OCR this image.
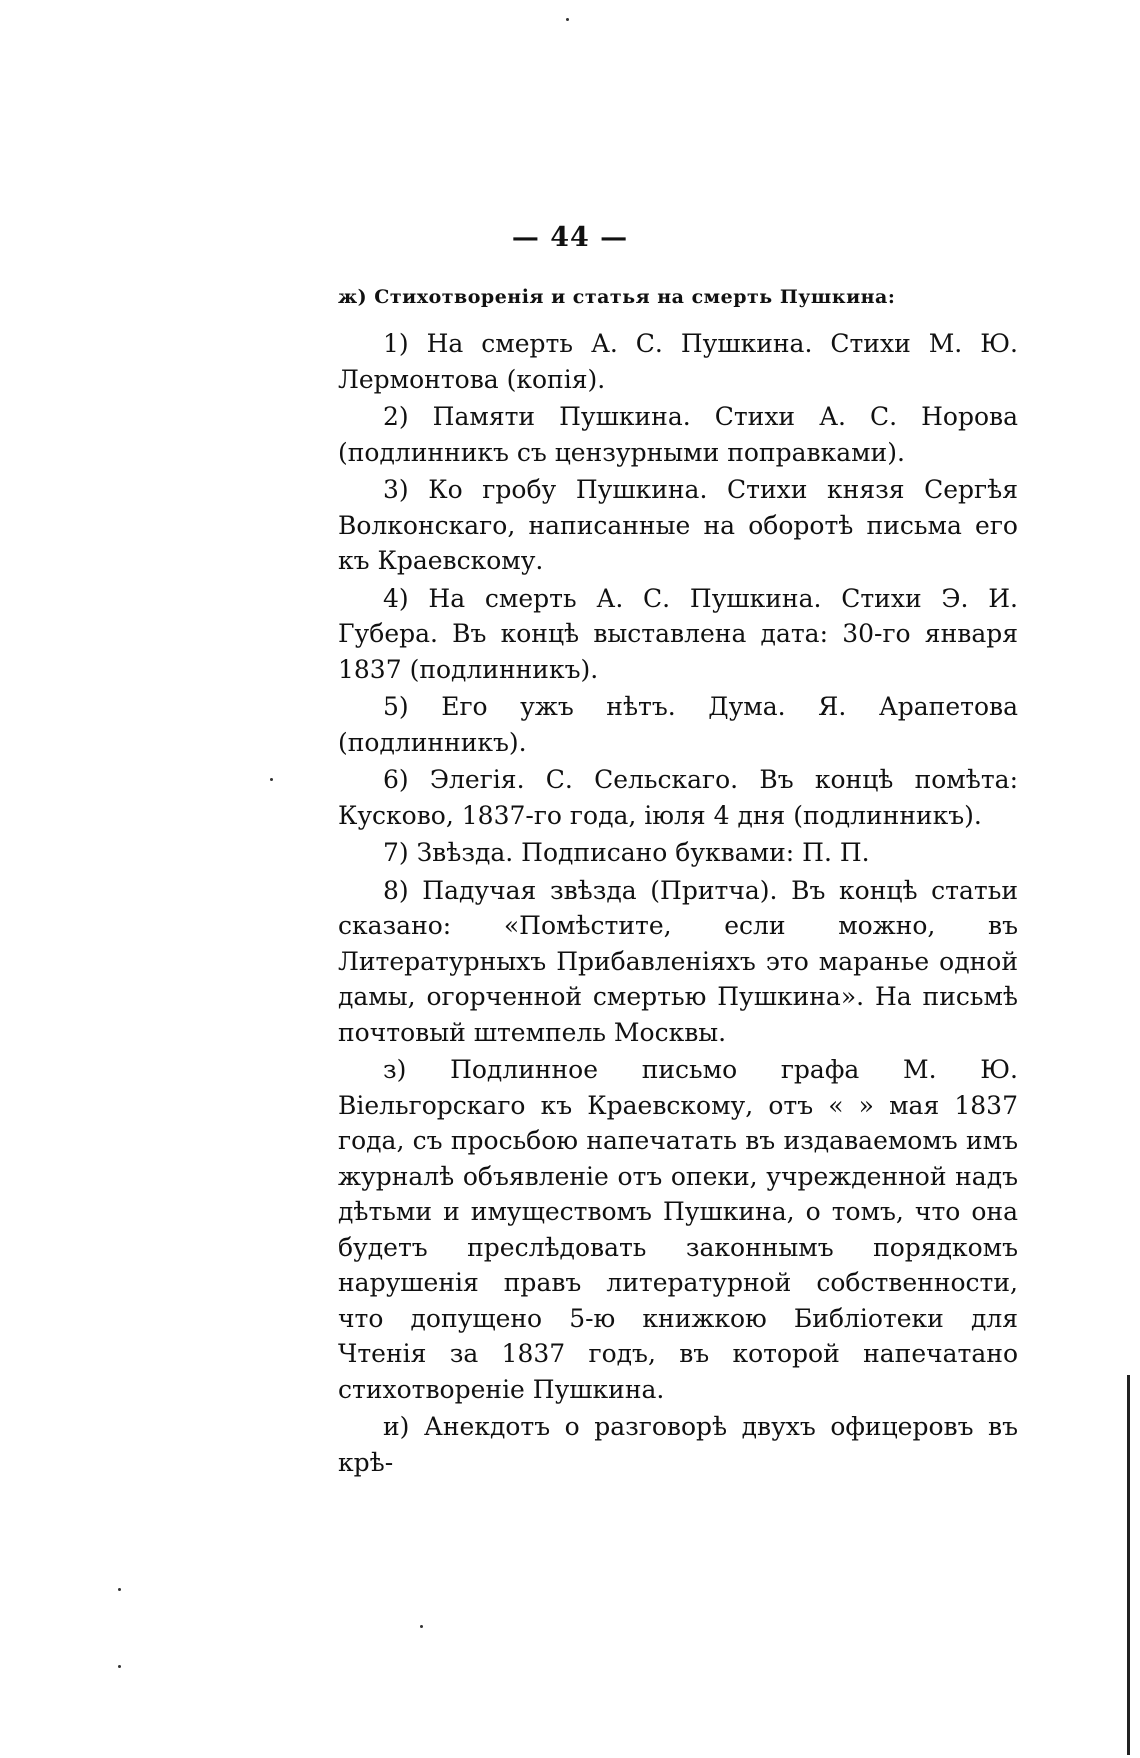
— 44 —
ж) Стихотворенія и статья на смерть Пушкина:

1) На смерть А. С. Пушкина. Стихи М. Ю. Лермонтова (копія).

2) Памяти Пушкина. Стихи А. С. Норова (подлинникъ съ цензурными поправками).

3) Ко гробу Пушкина. Стихи князя Сергѣя Волконскаго, написанные на оборотѣ письма его къ Краевскому.

4) На смерть А. С. Пушкина. Стихи Э. И. Губера. Въ концѣ выставлена дата: 30-го января 1837 (подлинникъ).

5) Его ужъ нѣтъ. Дума. Я. Арапетова (подлинникъ).

6) Элегія. С. Сельскаго. Въ концѣ помѣта: Кусково, 1837-го года, іюля 4 дня (подлинникъ).

7) Звѣзда. Подписано буквами: П. П.

8) Падучая звѣзда (Притча). Въ концѣ статьи сказано: «Помѣстите, если можно, въ Литературныхъ Прибавленіяхъ это маранье одной дамы, огорченной смертью Пушкина». На письмѣ почтовый штемпель Москвы.

з) Подлинное письмо графа М. Ю. Віельгорскаго къ Краевскому, отъ « » мая 1837 года, съ просьбою напечатать въ издаваемомъ имъ журналѣ объявленіе отъ опеки, учрежденной надъ дѣтьми и имуществомъ Пушкина, о томъ, что она будетъ преслѣдовать законнымъ порядкомъ нарушенія правъ литературной собственности, что допущено 5-ю книжкою Библіотеки для Чтенія за 1837 годъ, въ которой напечатано стихотвореніе Пушкина.

и) Анекдотъ о разговорѣ двухъ офицеровъ въ крѣ-
